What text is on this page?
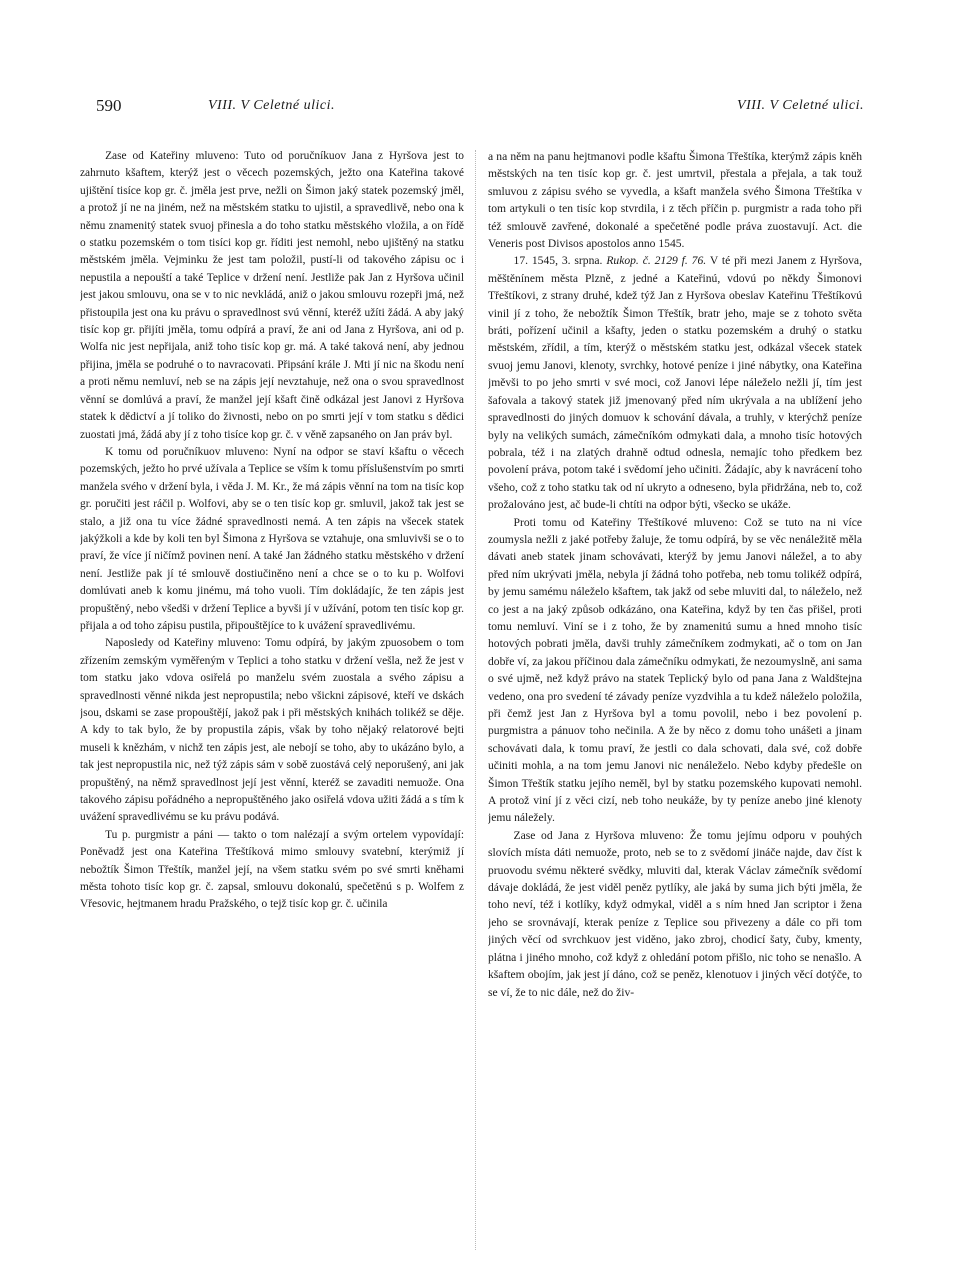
590	VIII. V Celetné ulici.	VIII. V Celetné ulici.

Zase od Kateřiny mluveno: Tuto od poručníkuov Jana z Hyršova jest to zahrnuto kšaftem, kterýž jest o věcech pozemských, ježto ona Kateřina takové ujištění tisíce kop gr. č. jměla jest prve, nežli on Šimon jaký statek pozemský jměl, a protož jí ne na jiném, než na městském statku to ujistil, a spravedlivě, nebo ona k němu znamenitý statek svuoj přinesla a do toho statku městského vložila, a on řídě o statku pozemském o tom tisíci kop gr. říditi jest nemohl, nebo ujištěný na statku městském jměla. Vejminku že jest tam položil, pustí-li od takového zápisu oc i nepustila a nepouští a také Teplice v držení není. Jestliže pak Jan z Hyršova učinil jest jakou smlouvu, ona se v to nic nevkládá, aniž o jakou smlouvu rozepři jmá, než přistoupila jest ona ku právu o spravedlnost svú věnní, kteréž užíti žádá. A aby jaký tisíc kop gr. přijíti jměla, tomu odpírá a praví, že ani od Jana z Hyršova, ani od p. Wolfa nic jest nepřijala, aniž toho tisíc kop gr. má. A také taková není, aby jednou přijina, jměla se podruhé o to navracovati. Připsání krále J. Mti jí nic na škodu není a proti němu nemluví, neb se na zápis její nevztahuje, než ona o svou spravedlnost věnní se domlúvá a praví, že manžel její kšaft čině odkázal jest Janovi z Hyršova statek k dědictví a jí toliko do živnosti, nebo on po smrti její v tom statku s dědici zuostati jmá, žádá aby jí z toho tisíce kop gr. č. v věně zapsaného on Jan práv byl.

K tomu od poručníkuov mluveno: Nyní na odpor se staví kšaftu o věcech pozemských, ježto ho prvé užívala a Teplice se vším k tomu příslušenstvím po smrti manžela svého v držení byla, i věda J. M. Kr., že má zápis věnní na tom na tisíc kop gr. poručiti jest ráčil p. Wolfovi, aby se o ten tisíc kop gr. smluvil, jakož tak jest se stalo, a již ona tu více žádné spravedlnosti nemá. A ten zápis na všecek statek jakýžkoli a kde by koli ten byl Šimona z Hyršova se vztahuje, ona smluvivši se o to praví, že více jí ničímž povinen není. A také Jan žádného statku městského v držení není. Jestliže pak jí té smlouvě dostiučiněno není a chce se o to ku p. Wolfovi domlúvati aneb k komu jinému, má toho vuoli. Tím dokládajíc, že ten zápis jest propuštěný, nebo všedši v držení Teplice a byvši jí v užívání, potom ten tisíc kop gr. přijala a od toho zápisu pustila, připouštějíce to k uvážení spravedlivému.

Naposledy od Kateřiny mluveno: Tomu odpírá, by jakým zpuosobem o tom zřízením zemským vyměřeným v Teplici a toho statku v držení vešla, než že jest v tom statku jako vdova osiřelá po manželu svém zuostala a svého zápisu a spravedlnosti věnné nikda jest nepropustila; nebo všickni zápisové, kteří ve dskách jsou, dskami se zase propouštějí, jakož pak i při městských knihách tolikéž se děje. A kdy to tak bylo, že by propustila zápis, však by toho nějaký relatorové bejti museli k knězhám, v nichž ten zápis jest, ale nebojí se toho, aby to ukázáno bylo, a tak jest nepropustila nic, než týž zápis sám v sobě zuostává celý neporušený, ani jak propuštěný, na němž spravedlnost její jest věnní, kteréž se zavaditi nemuože. Ona takového zápisu pořádného a nepropuštěného jako osiřelá vdova užiti žádá a s tím k uvážení spravedlivému se ku právu podává.

Tu p. purgmistr a páni — takto o tom nalézají a svým ortelem vypovídají: Poněvadž jest ona Kateřina Třeštíková mimo smlouvy svatební, kterýmiž jí nebožtík Šimon Třeštík, manžel její, na všem statku svém po své smrti kněhami města tohoto tisíc kop gr. č. zapsal, smlouvu dokonalú, spečetěnú s p. Wolfem z Vřesovic, hejtmanem hradu Pražského, o tejž tisíc kop gr. č. učinila

a na něm na panu hejtmanovi podle kšaftu Šimona Třeštíka, kterýmž zápis kněh městských na ten tisíc kop gr. č. jest umrtvil, přestala a přejala, a tak touž smluvou z zápisu svého se vyvedla, a kšaft manžela svého Šimona Třeštíka v tom artykuli o ten tisíc kop stvrdila, i z těch příčin p. purgmistr a rada toho při též smlouvě zavřené, dokonalé a spečetěné podle práva zuostavují. Act. die Veneris post Divisos apostolos anno 1545.

17. 1545, 3. srpna. Rukop. č. 2129 f. 76. V té při mezi Janem z Hyršova, měštěnínem města Plzně, z jedné a Kateřinú, vdovú po někdy Šimonovi Třeštíkovi, z strany druhé, kdež týž Jan z Hyršova obeslav Kateřinu Třeštíkovú vinil jí z toho, že nebožtík Šimon Třeštík, bratr jeho, maje se z tohoto světa bráti, pořízení učinil a kšafty, jeden o statku pozemském a druhý o statku městském, zřídil, a tím, kterýž o městském statku jest, odkázal všecek statek svuoj jemu Janovi, klenoty, svrchky, hotové peníze i jiné nábytky, ona Kateřina jměvši to po jeho smrti v své moci, což Janovi lépe náleželo nežli jí, tím jest šafovala a takový statek již jmenovaný před ním ukrývala a na ublížení jeho spravedlnosti do jiných domuov k schování dávala, a truhly, v kterýchž peníze byly na velikých sumách, zámečníkóm odmykati dala, a mnoho tisíc hotových pobrala, též i na zlatých drahně odtud odnesla, nemajíc toho předkem bez povolení práva, potom také i svědomí jeho učiniti. Žádajíc, aby k navrácení toho všeho, což z toho statku tak od ní ukryto a odneseno, byla přidržána, neb to, což prožalováno jest, ač bude-li chtíti na odpor býti, všecko se ukáže.

Proti tomu od Kateřiny Třeštíkové mluveno: Což se tuto na ni více zoumysla nežli z jaké potřeby žaluje, že tomu odpírá, by se věc nenáležitě měla dávati aneb statek jinam schovávati, kterýž by jemu Janovi náležel, a to aby před ním ukrývati jměla, nebyla jí žádná toho potřeba, neb tomu tolikéž odpírá, by jemu samému náleželo kšaftem, tak jakž od sebe mluviti dal, to náleželo, než co jest a na jaký způsob odkázáno, ona Kateřina, když by ten čas přišel, proti tomu nemluví. Viní se i z toho, že by znamenitú sumu a hned mnoho tisíc hotových pobrati jměla, davši truhly zámečníkem zodmykati, ač o tom on Jan dobře ví, za jakou příčinou dala zámečníku odmykati, že nezoumyslně, ani sama o své ujmě, než když právo na statek Teplický bylo od pana Jana z Waldštejna vedeno, ona pro svedení té závady peníze vyzdvihla a tu kdež náleželo položila, při čemž jest Jan z Hyršova byl a tomu povolil, nebo i bez povolení p. purgmistra a pánuov toho nečinila. A že by něco z domu toho unášeti a jinam schovávati dala, k tomu praví, že jestli co dala schovati, dala své, což dobře učiniti mohla, a na tom jemu Janovi nic nenáleželo. Nebo kdyby předešle on Šimon Třeštík statku jejího neměl, byl by statku pozemského kupovati nemohl. A protož viní jí z věci cizí, neb toho neukáže, by ty peníze anebo jiné klenoty jemu náležely.

Zase od Jana z Hyršova mluveno: Že tomu jejímu odporu v pouhých slovích místa dáti nemuože, proto, neb se to z svědomí jináče najde, dav číst k pruovodu svému některé svědky, mluviti dal, kterak Václav zámečník svědomí dávaje dokládá, že jest viděl peněz pytlíky, ale jaká by suma jich býti jměla, že toho neví, též i kotlíky, když odmykal, viděl a s ním hned Jan scriptor i žena jeho se srovnávají, kterak peníze z Teplice sou přivezeny a dále co při tom jiných věcí od svrchkuov jest viděno, jako zbroj, chodicí šaty, čuby, kmenty, plátna i jiného mnoho, což když z ohledání potom přišlo, nic toho se nenašlo. A kšaftem obojím, jak jest jí dáno, což se peněz, klenotuov i jiných věcí dotýče, to se ví, že to nic dále, než do živ-
